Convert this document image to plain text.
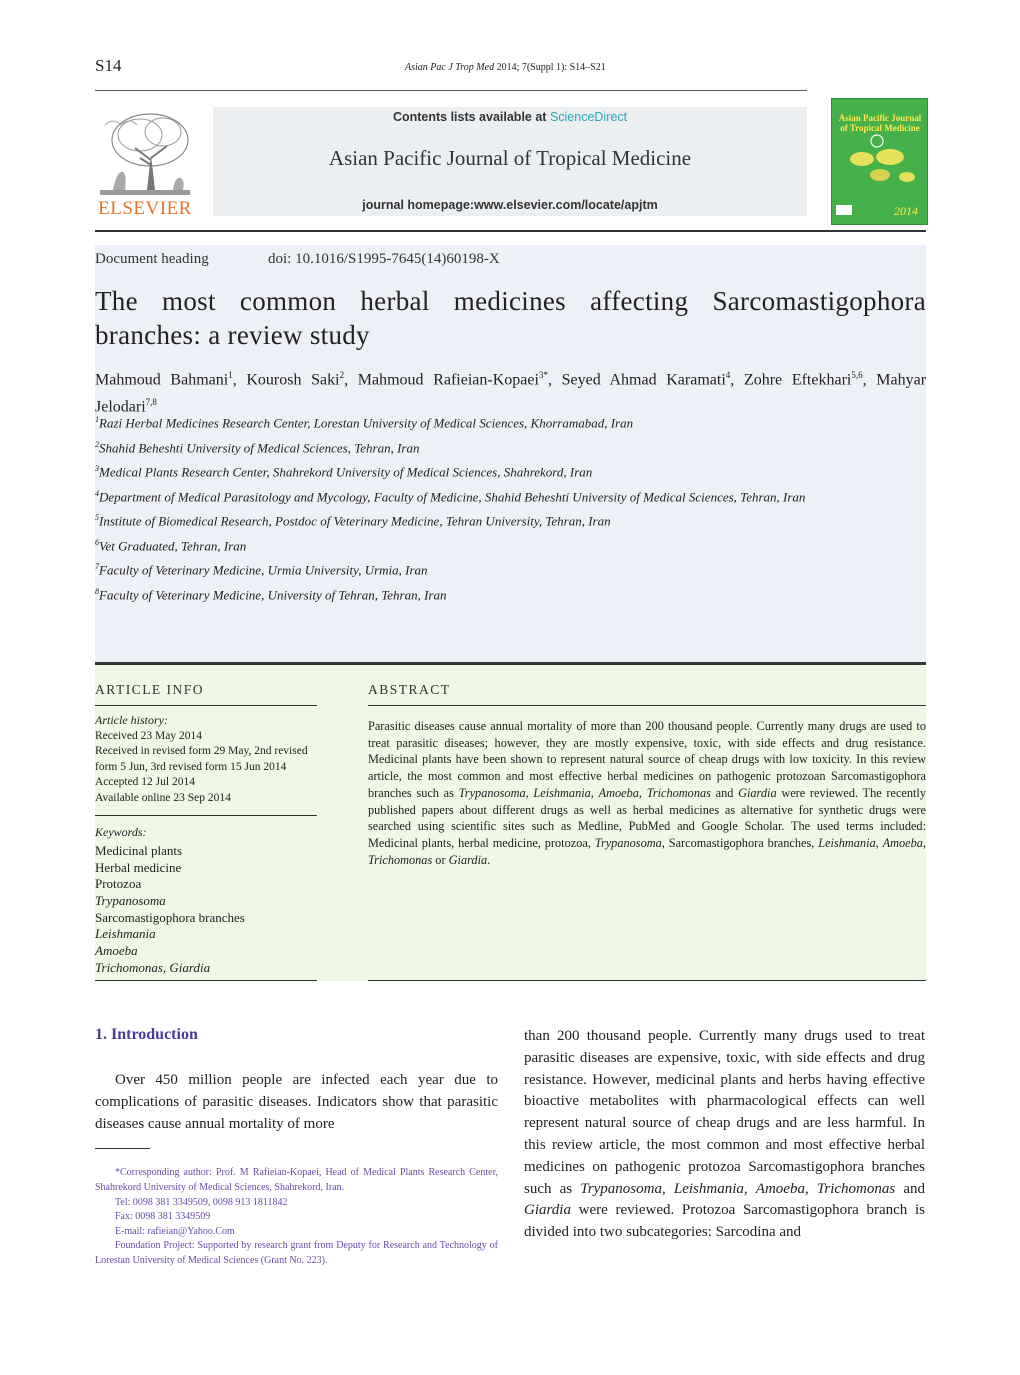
S14	Asian Pac J Trop Med 2014; 7(Suppl 1): S14–S21
ELSEVIER
Contents lists available at ScienceDirect
Asian Pacific Journal of Tropical Medicine
journal homepage:www.elsevier.com/locate/apjtm
Asian Pacific Journal of Tropical Medicine
2014
Document heading	doi: 10.1016/S1995-7645(14)60198-X
The most common herbal medicines affecting Sarcomastigophora branches: a review study
Mahmoud Bahmani$^1$, Kourosh Saki$^2$, Mahmoud Rafieian-Kopaei$^{3*}$, Seyed Ahmad Karamati$^4$, Zohre Eftekhari$^{5,6}$, Mahyar Jelodari$^{7,8}$
$^1$Razi Herbal Medicines Research Center, Lorestan University of Medical Sciences, Khorramabad, Iran
$^2$Shahid Beheshti University of Medical Sciences, Tehran, Iran
$^3$Medical Plants Research Center, Shahrekord University of Medical Sciences, Shahrekord, Iran
$^4$Department of Medical Parasitology and Mycology, Faculty of Medicine, Shahid Beheshti University of Medical Sciences, Tehran, Iran
$^5$Institute of Biomedical Research, Postdoc of Veterinary Medicine, Tehran University, Tehran, Iran
$^6$Vet Graduated, Tehran, Iran
$^7$Faculty of Veterinary Medicine, Urmia University, Urmia, Iran
$^8$Faculty of Veterinary Medicine, University of Tehran, Tehran, Iran
ARTICLE INFO	ABSTRACT
Article history:
Received 23 May 2014
Received in revised form 29 May, 2nd revised form 5 Jun, 3rd revised form 15 Jun 2014
Accepted 12 Jul 2014
Available online 23 Sep 2014
Keywords:
Medicinal plants
Herbal medicine
Protozoa
Trypanosoma
Sarcomastigophora branches
Leishmania
Amoeba
Trichomonas, Giardia
Parasitic diseases cause annual mortality of more than 200 thousand people. Currently many drugs are used to treat parasitic diseases; however, they are mostly expensive, toxic, with side effects and drug resistance. Medicinal plants have been shown to represent natural source of cheap drugs with low toxicity. In this review article, the most common and most effective herbal medicines on pathogenic protozoan Sarcomastigophora branches such as Trypanosoma, Leishmania, Amoeba, Trichomonas and Giardia were reviewed. The recently published papers about different drugs as well as herbal medicines as alternative for synthetic drugs were searched using scientific sites such as Medline, PubMed and Google Scholar. The used terms included: Medicinal plants, herbal medicine, protozoa, Trypanosoma, Sarcomastigophora branches, Leishmania, Amoeba, Trichomonas or Giardia.
1. Introduction
Over 450 million people are infected each year due to complications of parasitic diseases. Indicators show that parasitic diseases cause annual mortality of more
than 200 thousand people. Currently many drugs used to treat parasitic diseases are expensive, toxic, with side effects and drug resistance. However, medicinal plants and herbs having effective bioactive metabolites with pharmacological effects can well represent natural source of cheap drugs and are less harmful. In this review article, the most common and most effective herbal medicines on pathogenic protozoa Sarcomastigophora branches such as Trypanosoma, Leishmania, Amoeba, Trichomonas and Giardia were reviewed. Protozoa Sarcomastigophora branch is divided into two subcategories: Sarcodina and
*Corresponding author: Prof. M Rafieian-Kopaei, Head of Medical Plants Research Center, Shahrekord University of Medical Sciences, Shahrekord, Iran.
Tel: 0098 381 3349509, 0098 913 1811842
Fax: 0098 381 3349509
E-mail: rafieian@Yahoo.Com
Foundation Project: Supported by research grant from Deputy for Research and Technology of Lorestan University of Medical Sciences (Grant No. 223).
